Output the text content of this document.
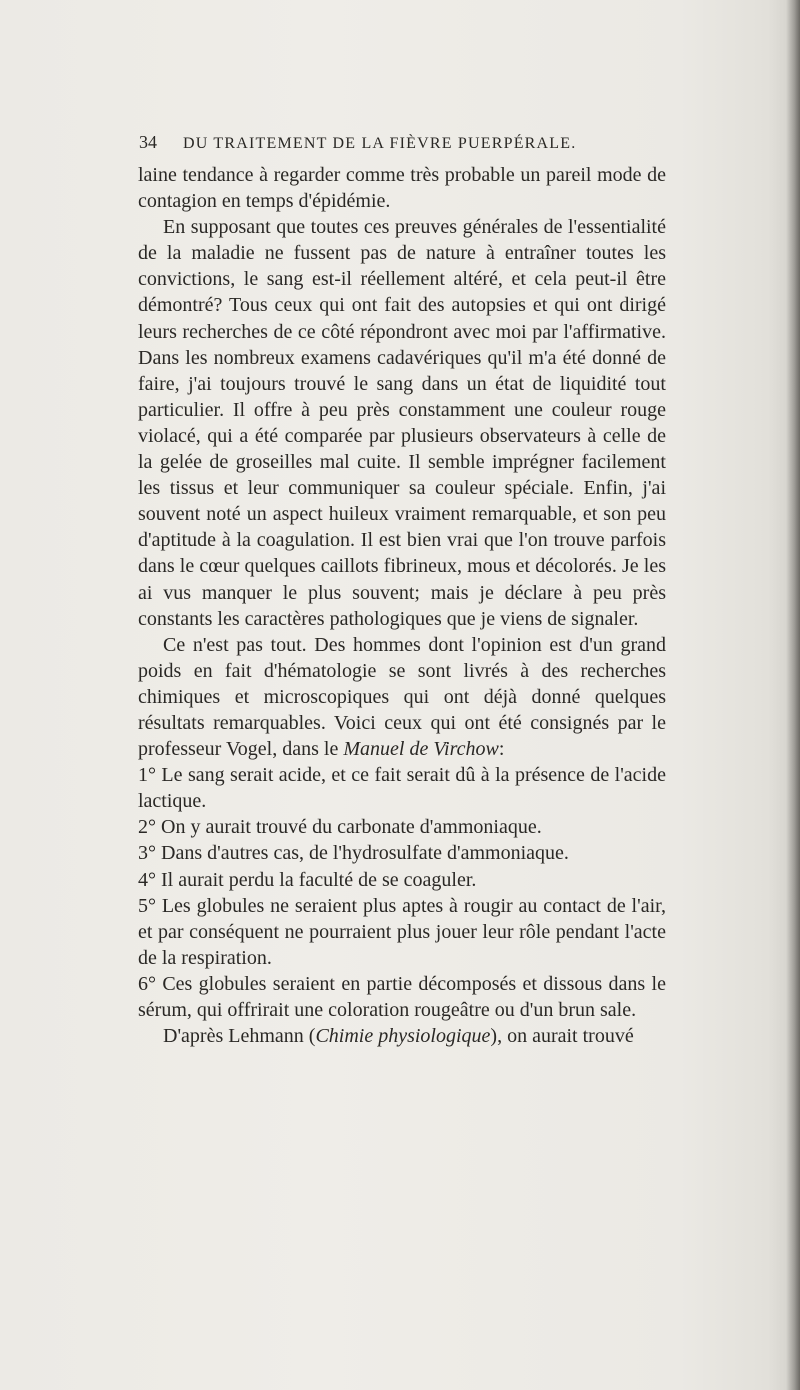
34 DU TRAITEMENT DE LA FIÈVRE PUERPÉRALE.

laine tendance à regarder comme très probable un pareil mode de contagion en temps d'épidémie.

En supposant que toutes ces preuves générales de l'essentialité de la maladie ne fussent pas de nature à entraîner toutes les convictions, le sang est-il réellement altéré, et cela peut-il être démontré? Tous ceux qui ont fait des autopsies et qui ont dirigé leurs recherches de ce côté répondront avec moi par l'affirmative. Dans les nombreux examens cadavériques qu'il m'a été donné de faire, j'ai toujours trouvé le sang dans un état de liquidité tout particulier. Il offre à peu près constamment une couleur rouge violacé, qui a été comparée par plusieurs observateurs à celle de la gelée de groseilles mal cuite. Il semble imprégner facilement les tissus et leur communiquer sa couleur spéciale. Enfin, j'ai souvent noté un aspect huileux vraiment remarquable, et son peu d'aptitude à la coagulation. Il est bien vrai que l'on trouve parfois dans le cœur quelques caillots fibrineux, mous et décolorés. Je les ai vus manquer le plus souvent; mais je déclare à peu près constants les caractères pathologiques que je viens de signaler.

Ce n'est pas tout. Des hommes dont l'opinion est d'un grand poids en fait d'hématologie se sont livrés à des recherches chimiques et microscopiques qui ont déjà donné quelques résultats remarquables. Voici ceux qui ont été consignés par le professeur Vogel, dans le Manuel de Virchow:

1° Le sang serait acide, et ce fait serait dû à la présence de l'acide lactique.

2° On y aurait trouvé du carbonate d'ammoniaque.

3° Dans d'autres cas, de l'hydrosulfate d'ammoniaque.

4° Il aurait perdu la faculté de se coaguler.

5° Les globules ne seraient plus aptes à rougir au contact de l'air, et par conséquent ne pourraient plus jouer leur rôle pendant l'acte de la respiration.

6° Ces globules seraient en partie décomposés et dissous dans le sérum, qui offrirait une coloration rougeâtre ou d'un brun sale.

D'après Lehmann (Chimie physiologique), on aurait trouvé
